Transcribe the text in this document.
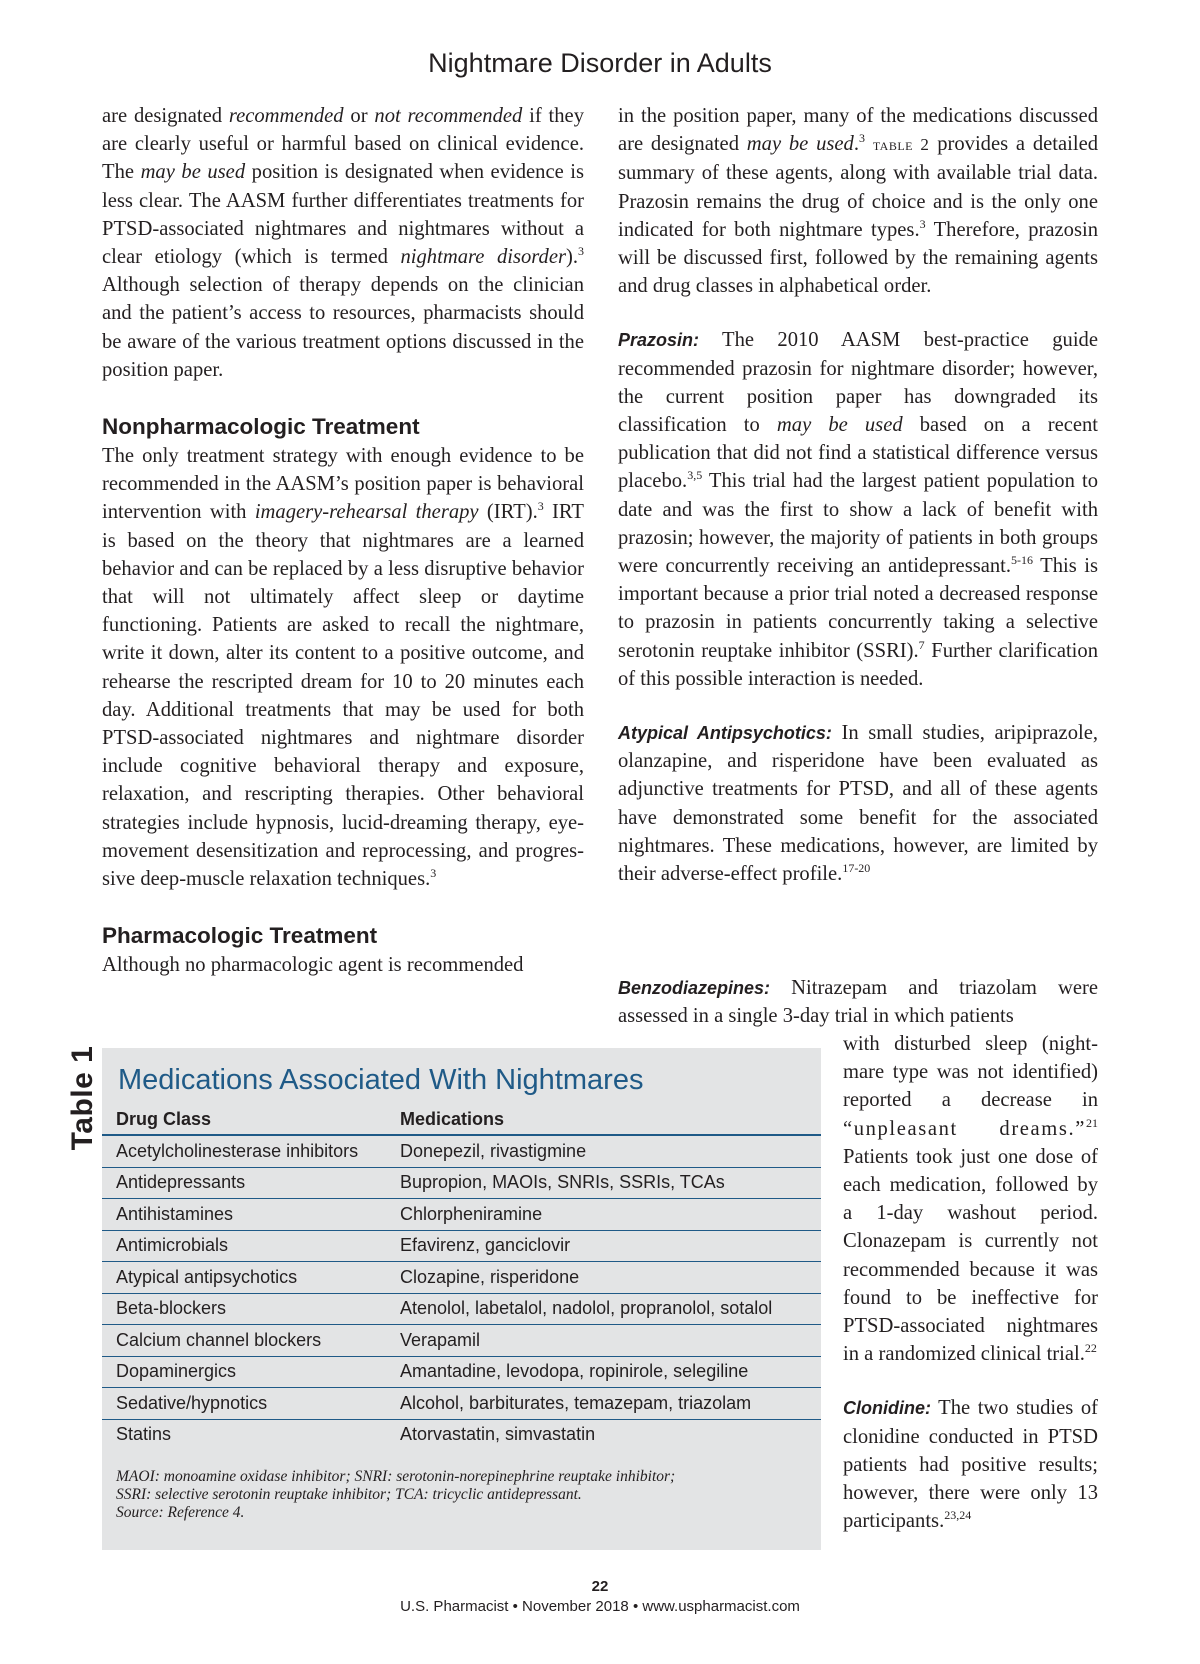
Nightmare Disorder in Adults

are designated recommended or not recommended if they are clearly useful or harmful based on clinical evidence. The may be used position is designated when evidence is less clear. The AASM further differentiates treatments for PTSD-associated nightmares and nightmares without a clear etiology (which is termed nightmare disorder).$^3$ Although selection of therapy depends on the clinician and the patient’s access to resources, pharmacists should be aware of the various treatment options discussed in the position paper.

Nonpharmacologic Treatment

The only treatment strategy with enough evidence to be recommended in the AASM’s position paper is behavioral intervention with imagery-rehearsal therapy (IRT).$^3$ IRT is based on the theory that nightmares are a learned behavior and can be replaced by a less disruptive behavior that will not ultimately affect sleep or daytime functioning. Patients are asked to recall the nightmare, write it down, alter its content to a positive outcome, and rehearse the rescripted dream for 10 to 20 minutes each day. Additional treatments that may be used for both PTSD-associated nightmares and nightmare disorder include cognitive behavioral therapy and exposure, relaxation, and rescripting therapies. Other behavioral strategies include hypnosis, lucid-dreaming therapy, eye-movement desensitization and reprocessing, and progressive deep-muscle relaxation techniques.$^3$

Pharmacologic Treatment

Although no pharmacologic agent is recommended

in the position paper, many of the medications discussed are designated may be used.$^3$ table 2 provides a detailed summary of these agents, along with available trial data. Prazosin remains the drug of choice and is the only one indicated for both nightmare types.$^3$ Therefore, prazosin will be discussed first, followed by the remaining agents and drug classes in alphabetical order.

Prazosin: The 2010 AASM best-practice guide recommended prazosin for nightmare disorder; however, the current position paper has downgraded its classification to may be used based on a recent publication that did not find a statistical difference versus placebo.$^{3,5}$ This trial had the largest patient population to date and was the first to show a lack of benefit with prazosin; however, the majority of patients in both groups were concurrently receiving an antidepressant.$^{5-16}$ This is important because a prior trial noted a decreased response to prazosin in patients concurrently taking a selective serotonin reuptake inhibitor (SSRI).$^7$ Further clarification of this possible interaction is needed.

Atypical Antipsychotics: In small studies, aripiprazole, olanzapine, and risperidone have been evaluated as adjunctive treatments for PTSD, and all of these agents have demonstrated some benefit for the associated nightmares. These medications, however, are limited by their adverse-effect profile.$^{17-20}$

Benzodiazepines: Nitrazepam and triazolam were assessed in a single 3-day trial in which patients

with disturbed sleep (nightmare type was not identified) reported a decrease in “unpleasant dreams.”$^{21}$ Patients took just one dose of each medication, followed by a 1-day washout period. Clonazepam is currently not recommended because it was found to be ineffective for PTSD-associated nightmares in a randomized clinical trial.$^{22}$

Clonidine: The two studies of clonidine conducted in PTSD patients had positive results; however, there were only 13 participants.$^{23,24}$

Table 1 Medications Associated With Nightmares
Drug Class	Medications
Acetylcholinesterase inhibitors	Donepezil, rivastigmine
Antidepressants	Bupropion, MAOIs, SNRIs, SSRIs, TCAs
Antihistamines	Chlorpheniramine
Antimicrobials	Efavirenz, ganciclovir
Atypical antipsychotics	Clozapine, risperidone
Beta-blockers	Atenolol, labetalol, nadolol, propranolol, sotalol
Calcium channel blockers	Verapamil
Dopaminergics	Amantadine, levodopa, ropinirole, selegiline
Sedative/hypnotics	Alcohol, barbiturates, temazepam, triazolam
Statins	Atorvastatin, simvastatin
MAOI: monoamine oxidase inhibitor; SNRI: serotonin-norepinephrine reuptake inhibitor;
SSRI: selective serotonin reuptake inhibitor; TCA: tricyclic antidepressant.
Source: Reference 4.
22
U.S. Pharmacist • November 2018 • www.uspharmacist.com
